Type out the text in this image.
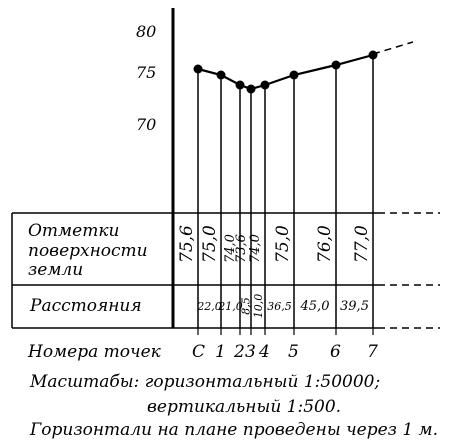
80
75
70
Отметки
поверхности
земли
Расстояния
Номера точек
75,6 75,0 74,0
73,6 74,0 75,0 76,0 77,0
22,0
21,0
8,5 10,0 36,5 45,0 39,5
С 1 2 3 4 5 6 7
Масштабы: горизонтальный 1:50000;
вертикальный 1:500.
Горизонтали на плане проведены через 1 м.
